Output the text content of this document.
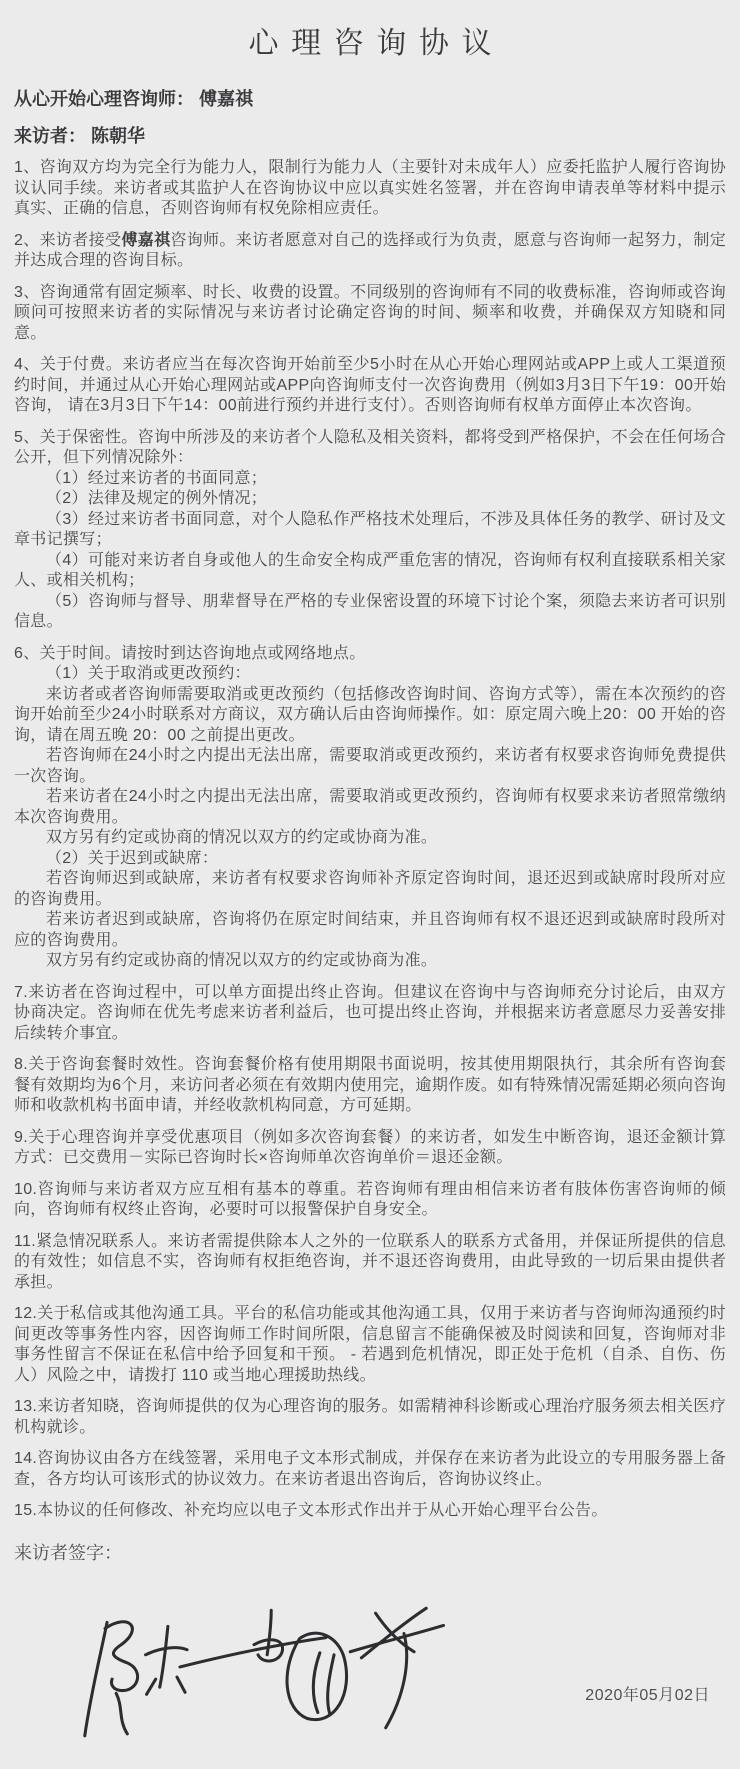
心理咨询协议

从心开始心理咨询师： 傅嘉祺

来访者： 陈朝华

1、咨询双方均为完全行为能力人，限制行为能力人（主要针对未成年人）应委托监护人履行咨询协议认同手续。来访者或其监护人在咨询协议中应以真实姓名签署，并在咨询申请表单等材料中提示真实、正确的信息，否则咨询师有权免除相应责任。

2、来访者接受傅嘉祺咨询师。来访者愿意对自己的选择或行为负责，愿意与咨询师一起努力，制定并达成合理的咨询目标。

3、咨询通常有固定频率、时长、收费的设置。不同级别的咨询师有不同的收费标准，咨询师或咨询顾问可按照来访者的实际情况与来访者讨论确定咨询的时间、频率和收费，并确保双方知晓和同意。

4、关于付费。来访者应当在每次咨询开始前至少5小时在从心开始心理网站或APP上或人工渠道预约时间，并通过从心开始心理网站或APP向咨询师支付一次咨询费用（例如3月3日下午19：00开始咨询， 请在3月3日下午14：00前进行预约并进行支付）。否则咨询师有权单方面停止本次咨询。

5、关于保密性。咨询中所涉及的来访者个人隐私及相关资料，都将受到严格保护，不会在任何场合公开，但下列情况除外：

（1）经过来访者的书面同意；

（2）法律及规定的例外情况；

（3）经过来访者书面同意，对个人隐私作严格技术处理后，不涉及具体任务的教学、研讨及文章书记撰写；

（4）可能对来访者自身或他人的生命安全构成严重危害的情况，咨询师有权利直接联系相关家人、或相关机构；

（5）咨询师与督导、朋辈督导在严格的专业保密设置的环境下讨论个案，须隐去来访者可识别信息。

6、关于时间。请按时到达咨询地点或网络地点。

（1）关于取消或更改预约：

来访者或者咨询师需要取消或更改预约（包括修改咨询时间、咨询方式等），需在本次预约的咨询开始前至少24小时联系对方商议，双方确认后由咨询师操作。如：原定周六晚上20：00 开始的咨询，请在周五晚 20：00 之前提出更改。

若咨询师在24小时之内提出无法出席，需要取消或更改预约，来访者有权要求咨询师免费提供一次咨询。

若来访者在24小时之内提出无法出席，需要取消或更改预约，咨询师有权要求来访者照常缴纳本次咨询费用。

双方另有约定或协商的情况以双方的约定或协商为准。

（2）关于迟到或缺席：

若咨询师迟到或缺席，来访者有权要求咨询师补齐原定咨询时间，退还迟到或缺席时段所对应的咨询费用。

若来访者迟到或缺席，咨询将仍在原定时间结束，并且咨询师有权不退还迟到或缺席时段所对应的咨询费用。

双方另有约定或协商的情况以双方的约定或协商为准。

7.来访者在咨询过程中，可以单方面提出终止咨询。但建议在咨询中与咨询师充分讨论后，由双方协商决定。咨询师在优先考虑来访者利益后，也可提出终止咨询，并根据来访者意愿尽力妥善安排后续转介事宜。

8.关于咨询套餐时效性。咨询套餐价格有使用期限书面说明，按其使用期限执行，其余所有咨询套餐有效期均为6个月，来访问者必须在有效期内使用完，逾期作废。如有特殊情况需延期必须向咨询师和收款机构书面申请，并经收款机构同意，方可延期。

9.关于心理咨询并享受优惠项目（例如多次咨询套餐）的来访者，如发生中断咨询，退还金额计算方式：已交费用－实际已咨询时长×咨询师单次咨询单价＝退还金额。

10.咨询师与来访者双方应互相有基本的尊重。若咨询师有理由相信来访者有肢体伤害咨询师的倾向，咨询师有权终止咨询，必要时可以报警保护自身安全。

11.紧急情况联系人。来访者需提供除本人之外的一位联系人的联系方式备用，并保证所提供的信息的有效性；如信息不实，咨询师有权拒绝咨询，并不退还咨询费用，由此导致的一切后果由提供者承担。

12.关于私信或其他沟通工具。平台的私信功能或其他沟通工具，仅用于来访者与咨询师沟通预约时间更改等事务性内容，因咨询师工作时间所限，信息留言不能确保被及时阅读和回复，咨询师对非事务性留言不保证在私信中给予回复和干预。 - 若遇到危机情况，即正处于危机（自杀、自伤、伤人）风险之中，请拨打 110 或当地心理援助热线。

13.来访者知晓，咨询师提供的仅为心理咨询的服务。如需精神科诊断或心理治疗服务须去相关医疗机构就诊。

14.咨询协议由各方在线签署，采用电子文本形式制成，并保存在来访者为此设立的专用服务器上备查，各方均认可该形式的协议效力。在来访者退出咨询后，咨询协议终止。

15.本协议的任何修改、补充均应以电子文本形式作出并于从心开始心理平台公告。

来访者签字：

2020年05月02日
